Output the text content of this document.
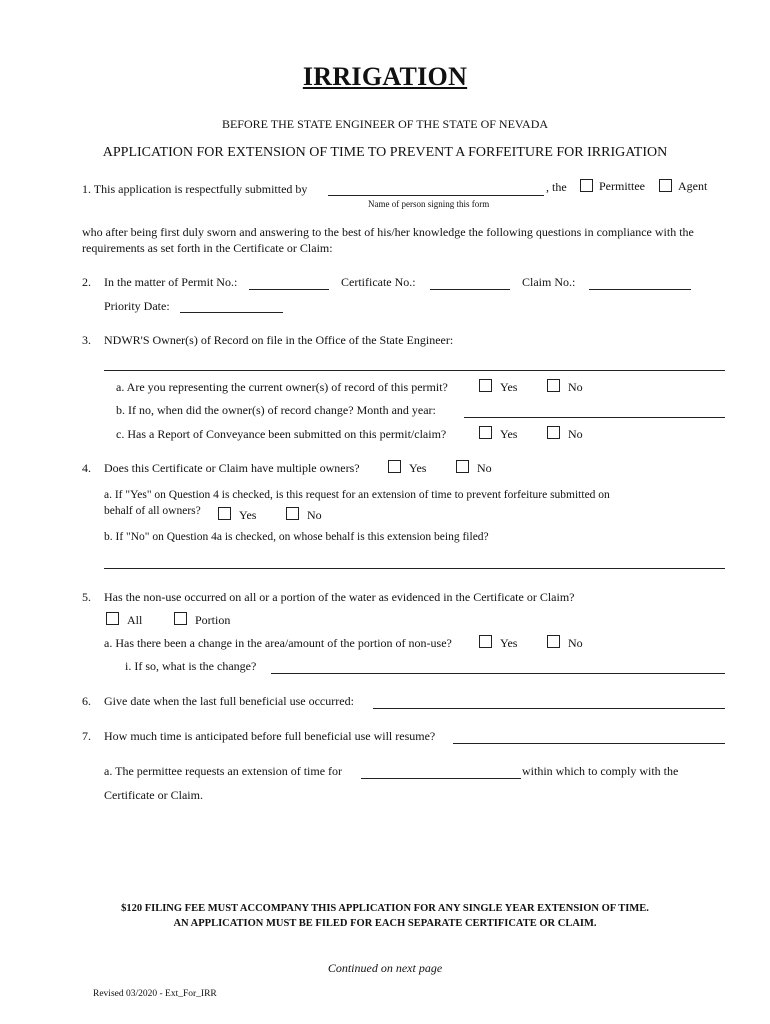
IRRIGATION
BEFORE THE STATE ENGINEER OF THE STATE OF NEVADA
APPLICATION FOR EXTENSION OF TIME TO PREVENT A FORFEITURE FOR IRRIGATION
1. This application is respectfully submitted by	, the	Permittee	Agent
Name of person signing this form
who after being first duly sworn and answering to the best of his/her knowledge the following questions in compliance with the requirements as set forth in the Certificate or Claim:
2. In the matter of Permit No.:	Certificate No.:	Claim No.:
Priority Date:
3. NDWR'S Owner(s) of Record on file in the Office of the State Engineer:
a. Are you representing the current owner(s) of record of this permit?	Yes	No
b. If no, when did the owner(s) of record change? Month and year:
c. Has a Report of Conveyance been submitted on this permit/claim?	Yes	No
4. Does this Certificate or Claim have multiple owners?	Yes	No
a. If "Yes" on Question 4 is checked, is this request for an extension of time to prevent forfeiture submitted on
behalf of all owners?	Yes	No
b. If "No" on Question 4a is checked, on whose behalf is this extension being filed?
5. Has the non-use occurred on all or a portion of the water as evidenced in the Certificate or Claim?
All	Portion
a. Has there been a change in the area/amount of the portion of non-use?	Yes	No
i. If so, what is the change?
6. Give date when the last full beneficial use occurred:
7. How much time is anticipated before full beneficial use will resume?
a. The permittee requests an extension of time for	within which to comply with the
Certificate or Claim.
$120 FILING FEE MUST ACCOMPANY THIS APPLICATION FOR ANY SINGLE YEAR EXTENSION OF TIME.
AN APPLICATION MUST BE FILED FOR EACH SEPARATE CERTIFICATE OR CLAIM.
Continued on next page
Revised 03/2020 - Ext_For_IRR
